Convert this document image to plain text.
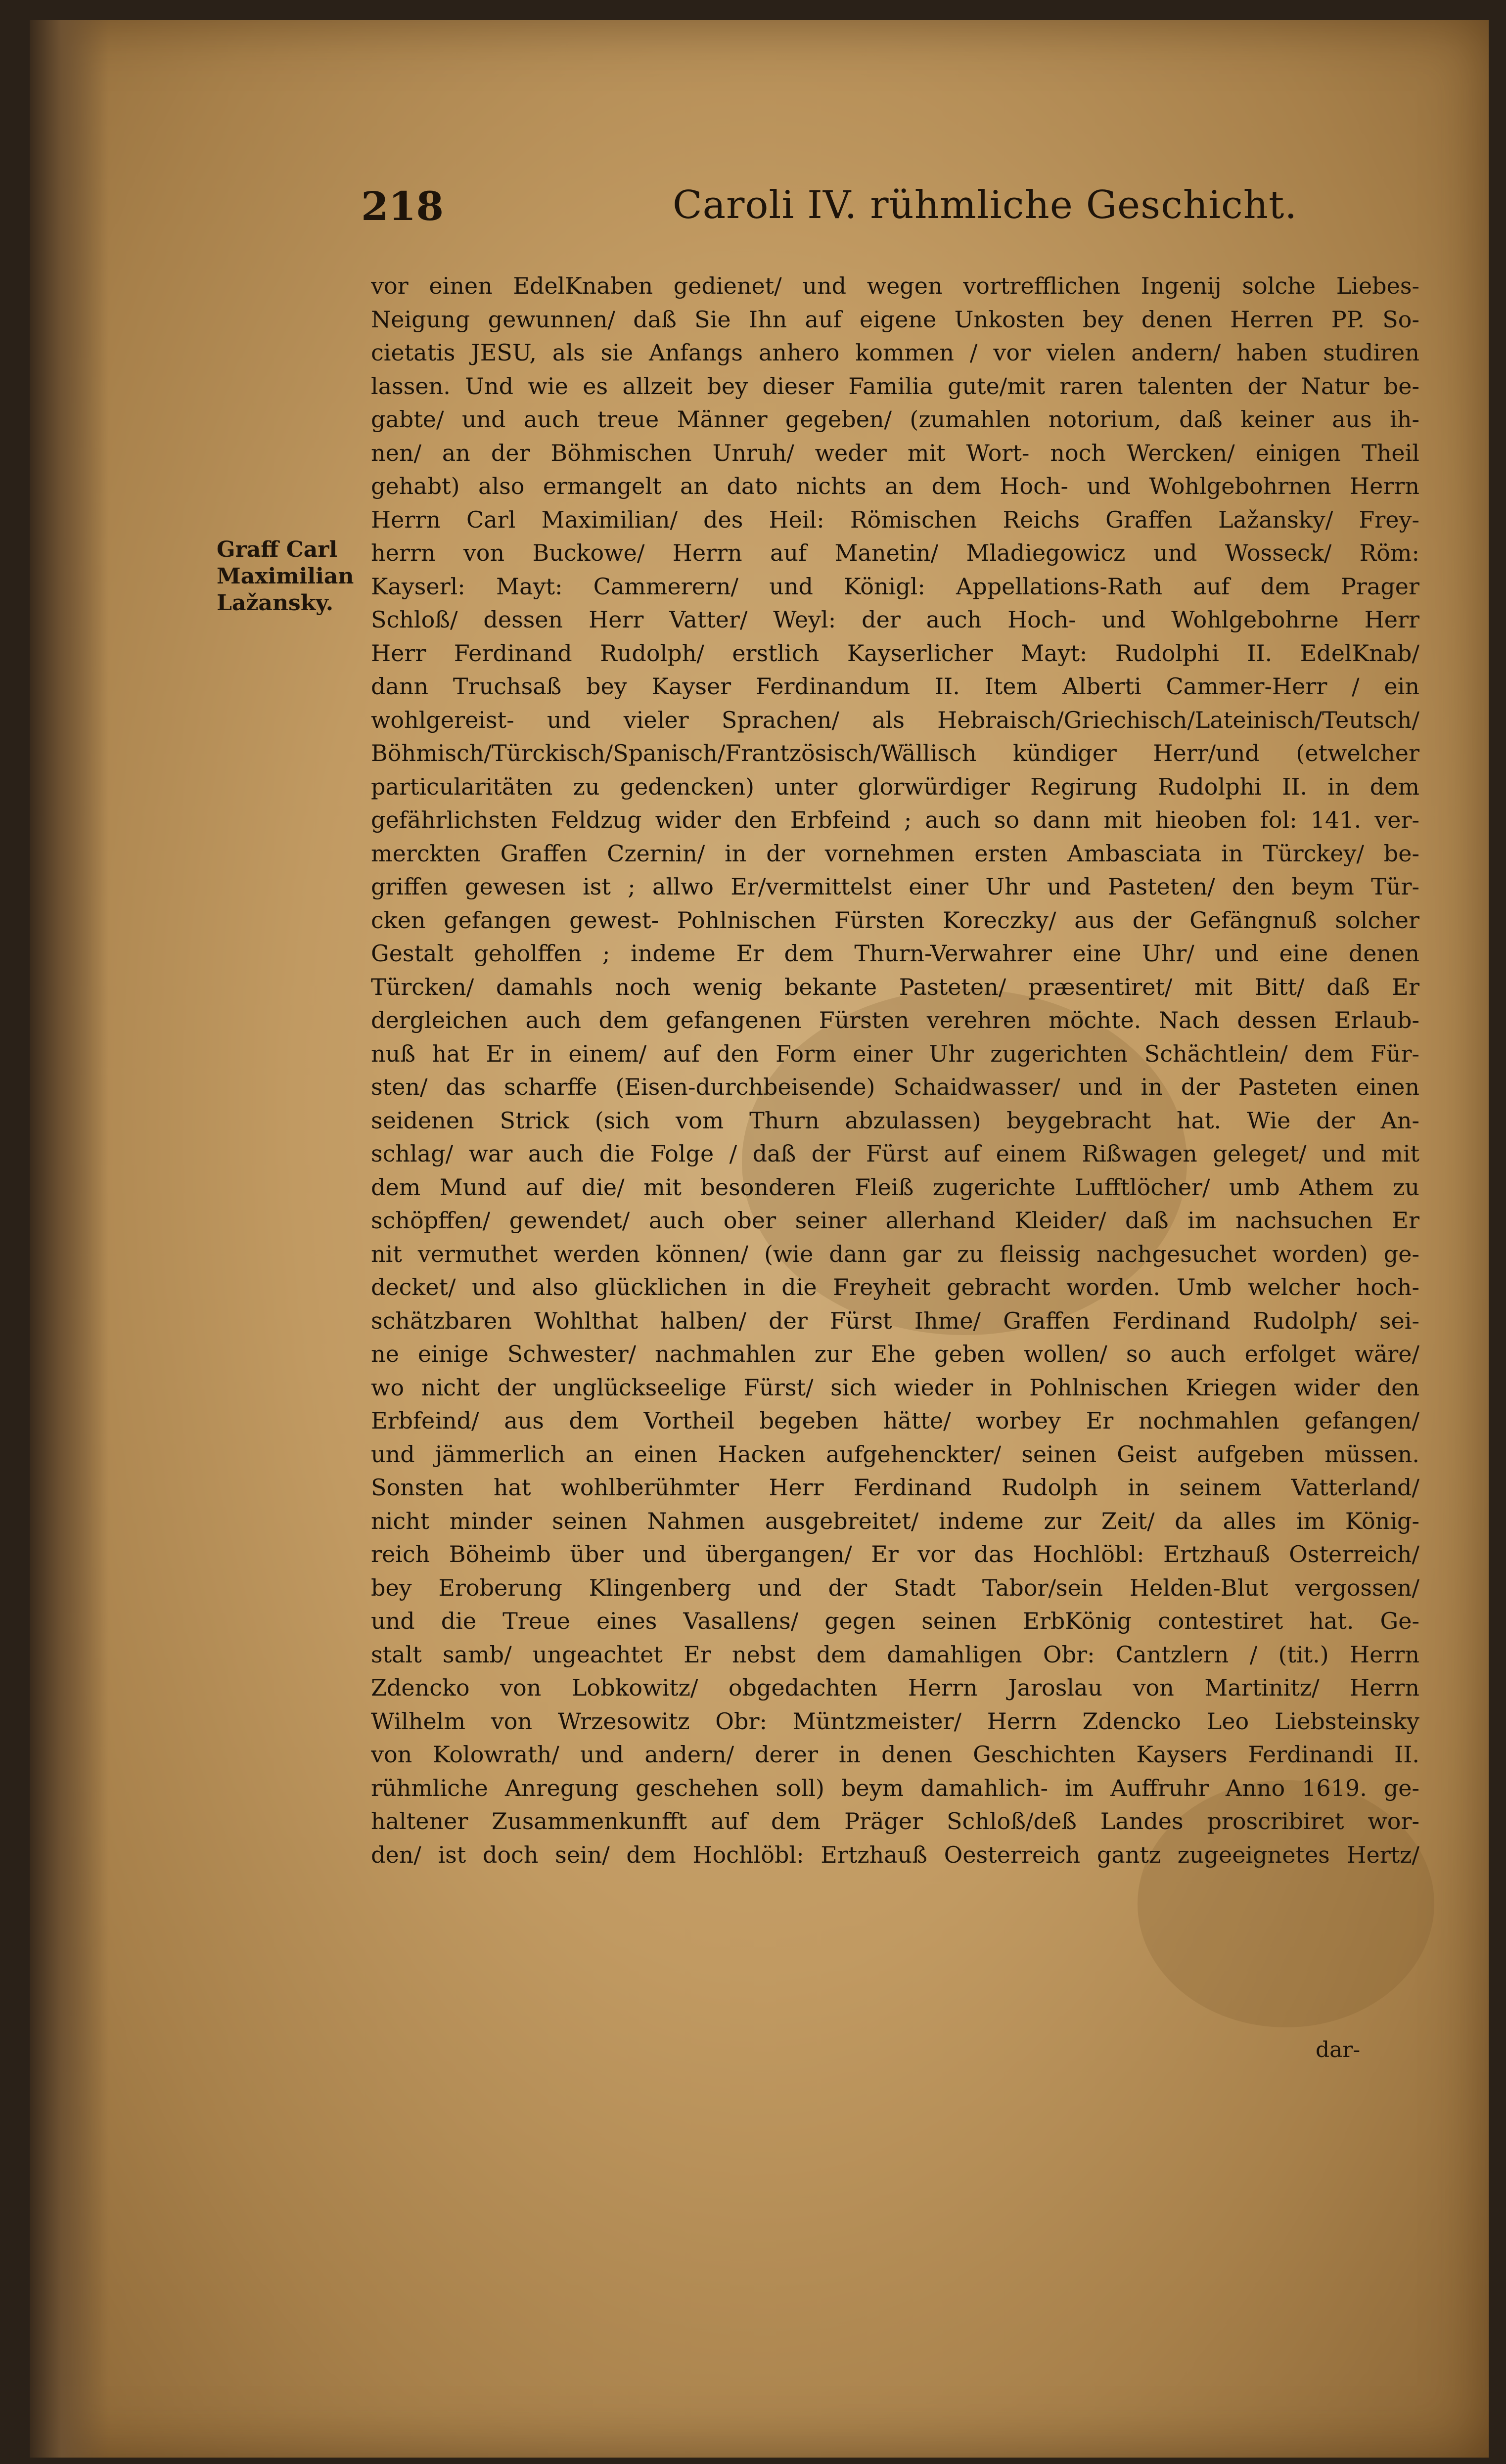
218	Caroli IV. rühmliche Geschicht.
Graff Carl
Maximilian
Lažansky.
vor einen EdelKnaben gedienet/ und wegen vortrefflichen Ingenij solche Liebes-
Neigung gewunnen/ daß Sie Ihn auf eigene Unkosten bey denen Herren PP. So-
cietatis JESU, als sie Anfangs anhero kommen / vor vielen andern/ haben studiren
lassen. Und wie es allzeit bey dieser Familia gute/mit raren talenten der Natur be-
gabte/ und auch treue Männer gegeben/ (zumahlen notorium, daß keiner aus ih-
nen/ an der Böhmischen Unruh/ weder mit Wort- noch Wercken/ einigen Theil
gehabt) also ermangelt an dato nichts an dem Hoch- und Wohlgebohrnen Herrn
Herrn Carl Maximilian/ des Heil: Römischen Reichs Graffen Lažansky/ Frey-
herrn von Buckowe/ Herrn auf Manetin/ Mladiegowicz und Wosseck/ Röm:
Kayserl: Mayt: Cammerern/ und Königl: Appellations-Rath auf dem Prager
Schloß/ dessen Herr Vatter/ Weyl: der auch Hoch- und Wohlgebohrne Herr
Herr Ferdinand Rudolph/ erstlich Kayserlicher Mayt: Rudolphi II. EdelKnab/
dann Truchsaß bey Kayser Ferdinandum II. Item Alberti Cammer-Herr / ein
wohlgereist- und vieler Sprachen/ als Hebraisch/Griechisch/Lateinisch/Teutsch/
Böhmisch/Türckisch/Spanisch/Frantzösisch/Wällisch kündiger Herr/und (etwelcher
particularitäten zu gedencken) unter glorwürdiger Regirung Rudolphi II. in dem
gefährlichsten Feldzug wider den Erbfeind ; auch so dann mit hieoben fol: 141. ver-
merckten Graffen Czernin/ in der vornehmen ersten Ambasciata in Türckey/ be-
griffen gewesen ist ; allwo Er/vermittelst einer Uhr und Pasteten/ den beym Tür-
cken gefangen gewest- Pohlnischen Fürsten Koreczky/ aus der Gefängnuß solcher
Gestalt geholffen ; indeme Er dem Thurn-Verwahrer eine Uhr/ und eine denen
Türcken/ damahls noch wenig bekante Pasteten/ præsentiret/ mit Bitt/ daß Er
dergleichen auch dem gefangenen Fürsten verehren möchte. Nach dessen Erlaub-
nuß hat Er in einem/ auf den Form einer Uhr zugerichten Schächtlein/ dem Für-
sten/ das scharffe (Eisen-durchbeisende) Schaidwasser/ und in der Pasteten einen
seidenen Strick (sich vom Thurn abzulassen) beygebracht hat. Wie der An-
schlag/ war auch die Folge / daß der Fürst auf einem Rißwagen geleget/ und mit
dem Mund auf die/ mit besonderen Fleiß zugerichte Lufftlöcher/ umb Athem zu
schöpffen/ gewendet/ auch ober seiner allerhand Kleider/ daß im nachsuchen Er
nit vermuthet werden können/ (wie dann gar zu fleissig nachgesuchet worden) ge-
decket/ und also glücklichen in die Freyheit gebracht worden. Umb welcher hoch-
schätzbaren Wohlthat halben/ der Fürst Ihme/ Graffen Ferdinand Rudolph/ sei-
ne einige Schwester/ nachmahlen zur Ehe geben wollen/ so auch erfolget wäre/
wo nicht der unglückseelige Fürst/ sich wieder in Pohlnischen Kriegen wider den
Erbfeind/ aus dem Vortheil begeben hätte/ worbey Er nochmahlen gefangen/
und jämmerlich an einen Hacken aufgehenckter/ seinen Geist aufgeben müssen.
Sonsten hat wohlberühmter Herr Ferdinand Rudolph in seinem Vatterland/
nicht minder seinen Nahmen ausgebreitet/ indeme zur Zeit/ da alles im König-
reich Böheimb über und übergangen/ Er vor das Hochlöbl: Ertzhauß Osterreich/
bey Eroberung Klingenberg und der Stadt Tabor/sein Helden-Blut vergossen/
und die Treue eines Vasallens/ gegen seinen ErbKönig contestiret hat. Ge-
stalt samb/ ungeachtet Er nebst dem damahligen Obr: Cantzlern / (tit.) Herrn
Zdencko von Lobkowitz/ obgedachten Herrn Jaroslau von Martinitz/ Herrn
Wilhelm von Wrzesowitz Obr: Müntzmeister/ Herrn Zdencko Leo Liebsteinsky
von Kolowrath/ und andern/ derer in denen Geschichten Kaysers Ferdinandi II.
rühmliche Anregung geschehen soll) beym damahlich- im Auffruhr Anno 1619. ge-
haltener Zusammenkunfft auf dem Präger Schloß/deß Landes proscribiret wor-
den/ ist doch sein/ dem Hochlöbl: Ertzhauß Oesterreich gantz zugeeignetes Hertz/
dar-
